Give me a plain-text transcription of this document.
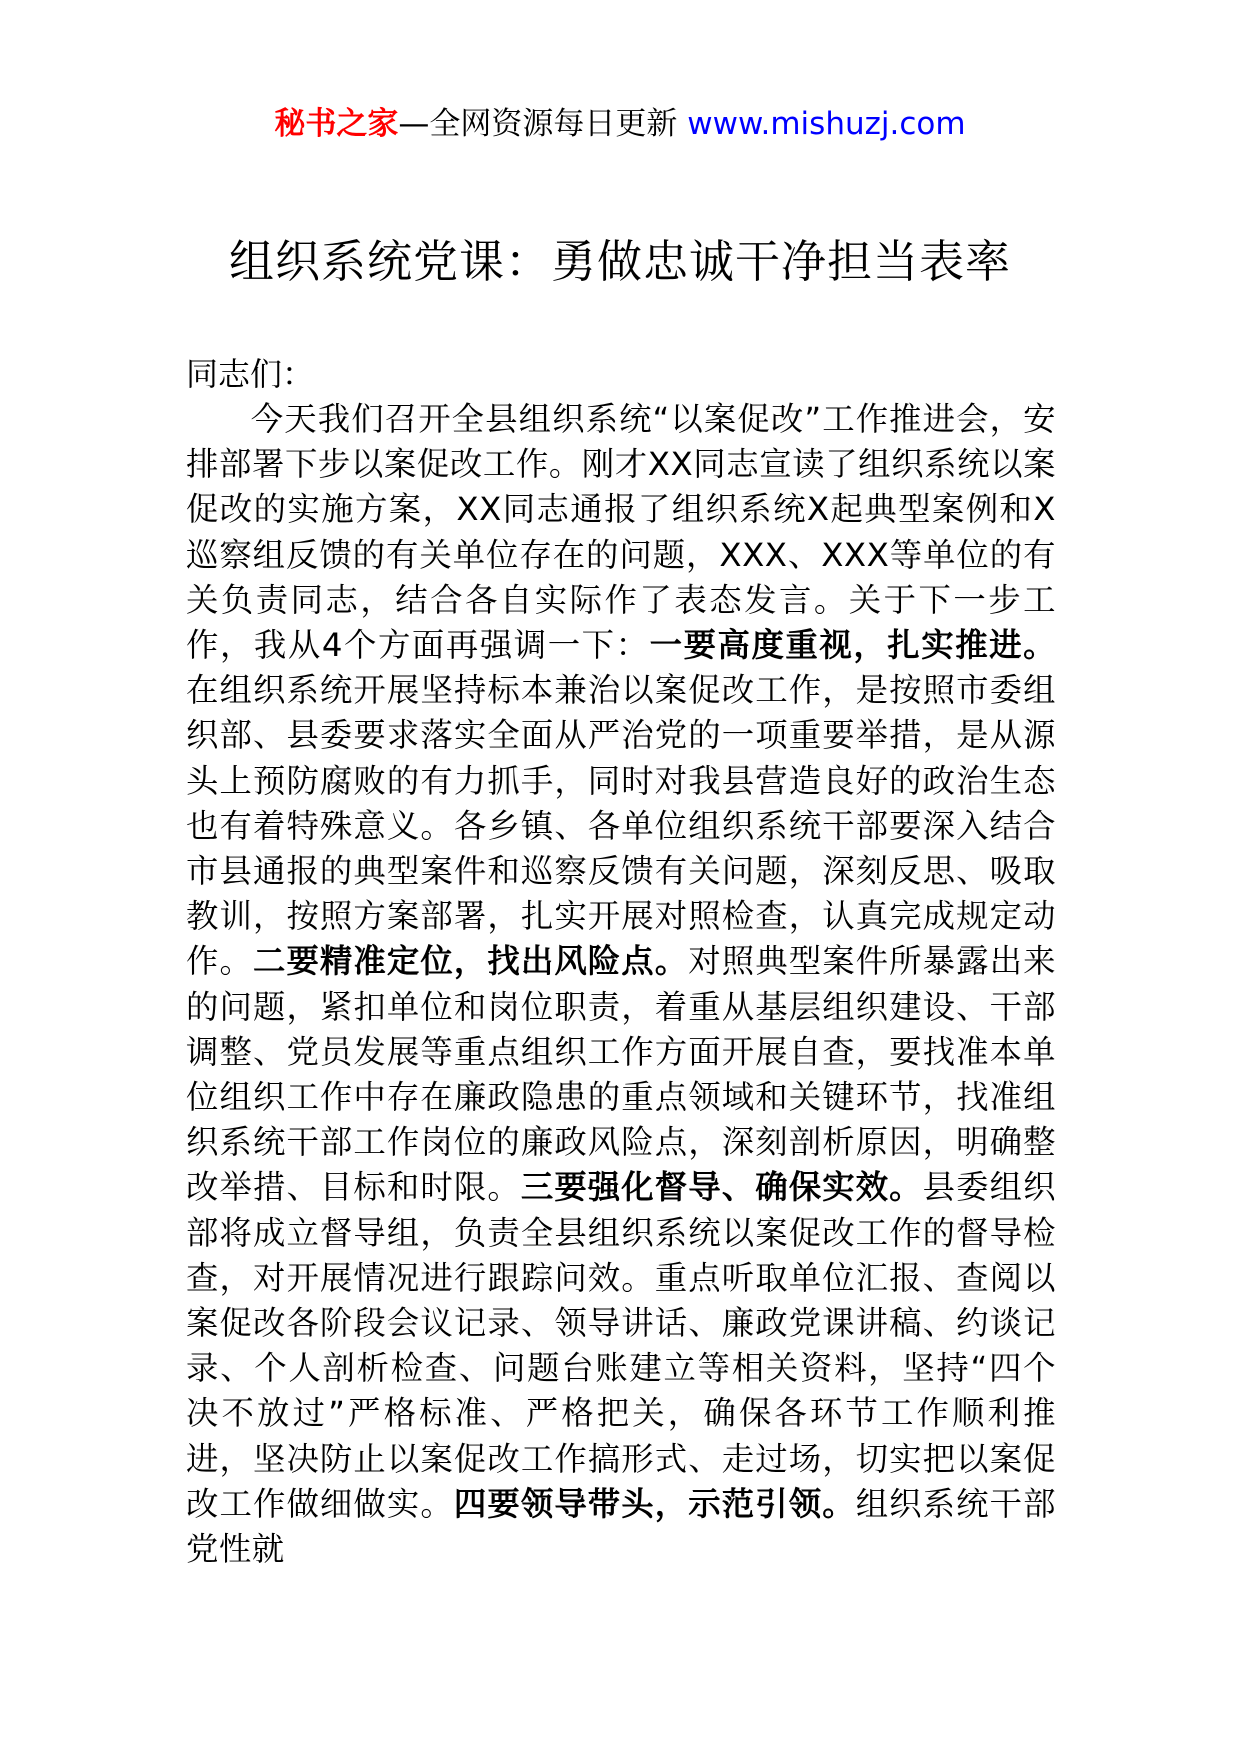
秘书之家—全网资源每日更新 www.mishuzj.com
组织系统党课：勇做忠诚干净担当表率
同志们：

今天我们召开全县组织系统“以案促改”工作推进会，安排部署下步以案促改工作。刚才XX同志宣读了组织系统以案促改的实施方案，XX同志通报了组织系统X起典型案例和X巡察组反馈的有关单位存在的问题，XXX、XXX等单位的有关负责同志，结合各自实际作了表态发言。关于下一步工作，我从4个方面再强调一下：一要高度重视，扎实推进。在组织系统开展坚持标本兼治以案促改工作，是按照市委组织部、县委要求落实全面从严治党的一项重要举措，是从源头上预防腐败的有力抓手，同时对我县营造良好的政治生态也有着特殊意义。各乡镇、各单位组织系统干部要深入结合市县通报的典型案件和巡察反馈有关问题，深刻反思、吸取教训，按照方案部署，扎实开展对照检查，认真完成规定动作。二要精准定位，找出风险点。对照典型案件所暴露出来的问题，紧扣单位和岗位职责，着重从基层组织建设、干部调整、党员发展等重点组织工作方面开展自查，要找准本单位组织工作中存在廉政隐患的重点领域和关键环节，找准组织系统干部工作岗位的廉政风险点，深刻剖析原因，明确整改举措、目标和时限。三要强化督导、确保实效。县委组织部将成立督导组，负责全县组织系统以案促改工作的督导检查，对开展情况进行跟踪问效。重点听取单位汇报、查阅以案促改各阶段会议记录、领导讲话、廉政党课讲稿、约谈记录、个人剖析检查、问题台账建立等相关资料，坚持“四个决不放过”严格标准、严格把关，确保各环节工作顺利推进，坚决防止以案促改工作搞形式、走过场，切实把以案促改工作做细做实。四要领导带头，示范引领。组织系统干部党性就
